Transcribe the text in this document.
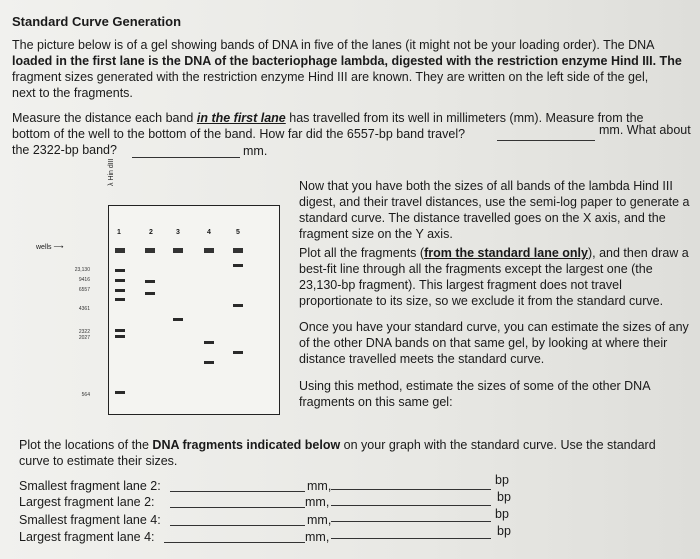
Standard Curve Generation
The picture below is of a gel showing bands of DNA in five of the lanes (it might not be your loading order). The DNA
loaded in the first lane is the DNA of the bacteriophage lambda, digested with the restriction enzyme Hind III. The
fragment sizes generated with the restriction enzyme Hind III are known. They are written on the left side of the gel,
next to the fragments.
Measure the distance each band in the first lane has travelled from its well in millimeters (mm). Measure from the
bottom of the well to the bottom of the band. How far did the 6557-bp band travel?	mm. What about
the 2322-bp band?	mm.
wells ⟶
λ Hin dIII
23,130
9416
6557
4361
2322
2027
564
1	2	3	4	5
Now that you have both the sizes of all bands of the lambda Hind III
digest, and their travel distances, use the semi-log paper to generate a
standard curve. The distance travelled goes on the X axis, and the
fragment size on the Y axis.
Plot all the fragments (from the standard lane only), and then draw a
best-fit line through all the fragments except the largest one (the
23,130-bp fragment). This largest fragment does not travel
proportionate to its size, so we exclude it from the standard curve.
Once you have your standard curve, you can estimate the sizes of any
of the other DNA bands on that same gel, by looking at where their
distance travelled meets the standard curve.
Using this method, estimate the sizes of some of the other DNA
fragments on this same gel:
Plot the locations of the DNA fragments indicated below on your graph with the standard curve. Use the standard
curve to estimate their sizes.
Smallest fragment lane 2:	mm,	bp
Largest fragment lane 2:	mm,	bp
Smallest fragment lane 4:	mm,	bp
Largest fragment lane 4:	mm,	bp
